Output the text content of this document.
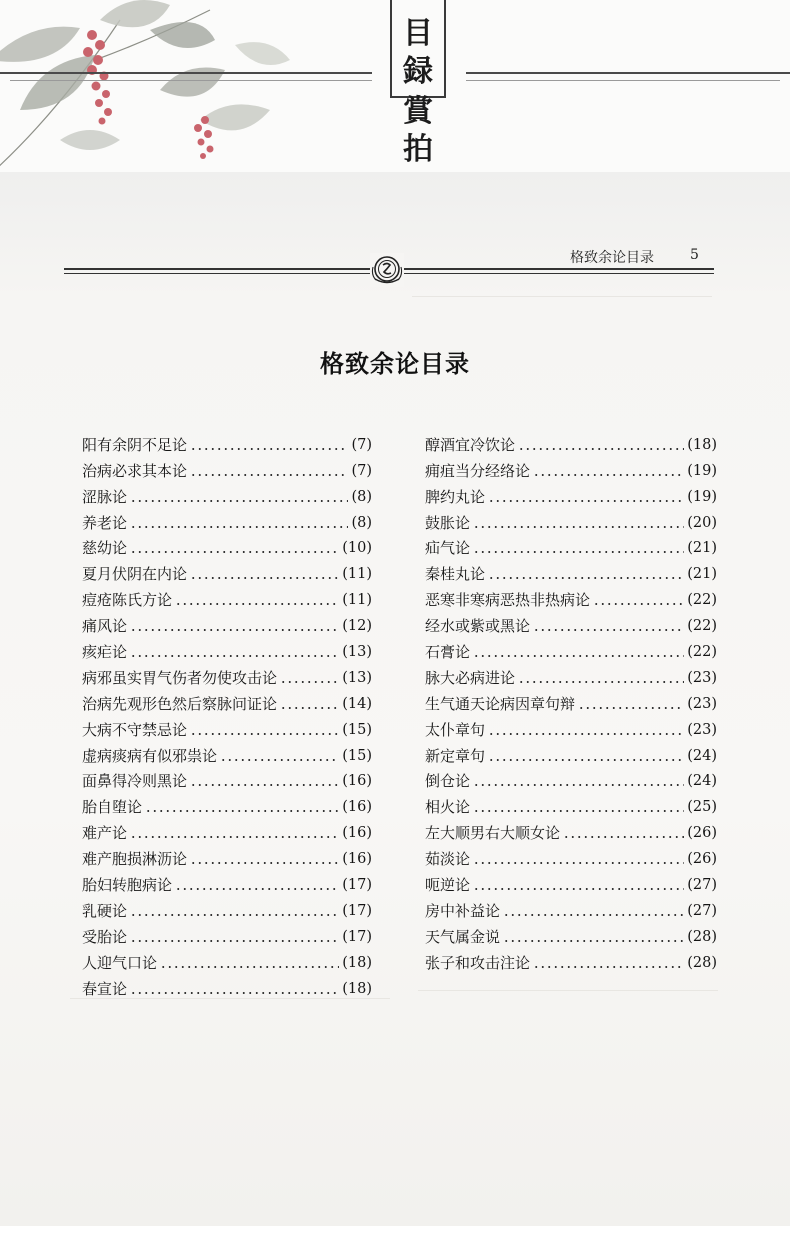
目
録
賞
拍

格致余论目录	5
格致余论目录
阳有余阴不足论	(7)
治病必求其本论	(7)
涩脉论	(8)
养老论	(8)
慈幼论	(10)
夏月伏阴在内论	(11)
痘疮陈氏方论	(11)
痛风论	(12)
痎疟论	(13)
病邪虽实胃气伤者勿使攻击论	(13)
治病先观形色然后察脉问证论	(14)
大病不守禁忌论	(15)
虚病痰病有似邪祟论	(15)
面鼻得冷则黑论	(16)
胎自堕论	(16)
难产论	(16)
难产胞损淋沥论	(16)
胎妇转胞病论	(17)
乳硬论	(17)
受胎论	(17)
人迎气口论	(18)
春宣论	(18)
醇酒宜冷饮论	(18)
痈疽当分经络论	(19)
脾约丸论	(19)
鼓胀论	(20)
疝气论	(21)
秦桂丸论	(21)
恶寒非寒病恶热非热病论	(22)
经水或紫或黑论	(22)
石膏论	(22)
脉大必病进论	(23)
生气通天论病因章句辩	(23)
太仆章句	(23)
新定章句	(24)
倒仓论	(24)
相火论	(25)
左大顺男右大顺女论	(26)
茹淡论	(26)
呃逆论	(27)
房中补益论	(27)
天气属金说	(28)
张子和攻击注论	(28)
